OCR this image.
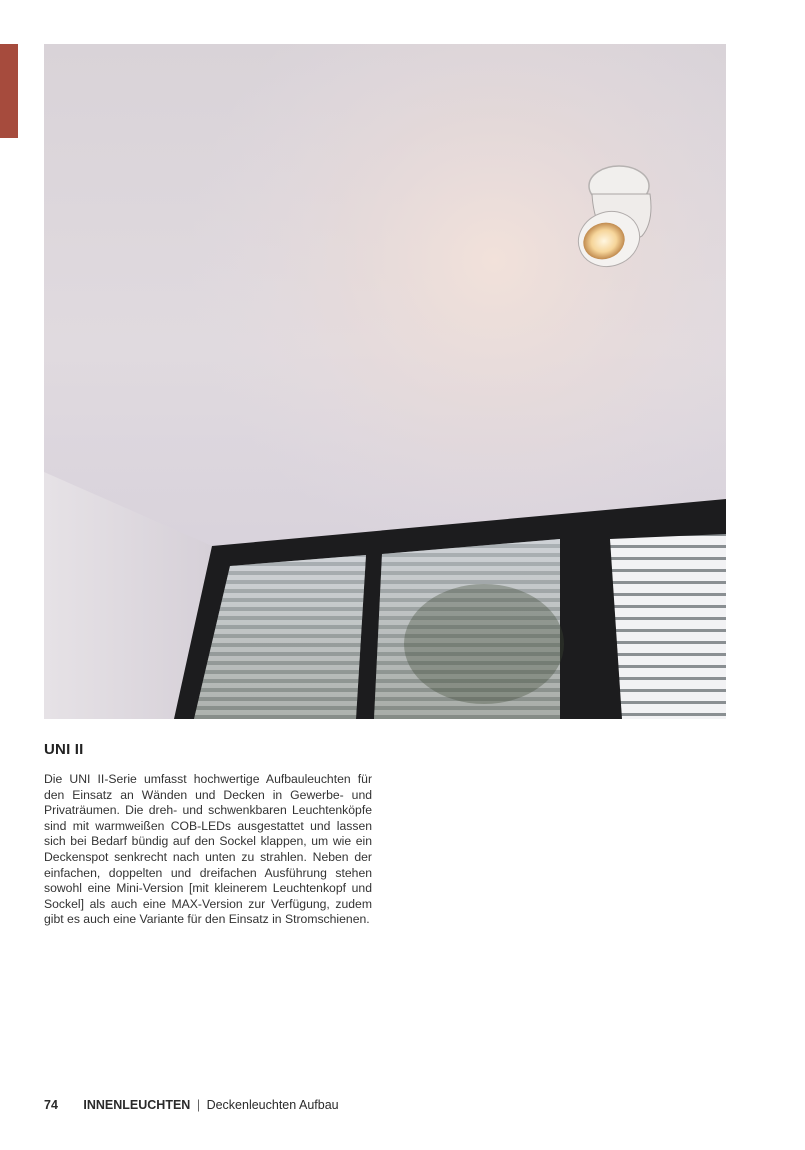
UNI II

Die UNI II-Serie umfasst hochwertige Aufbauleuchten für den Einsatz an Wänden und Decken in Gewerbe- und Privaträumen. Die dreh- und schwenkbaren Leuchtenköpfe sind mit warmweißen COB-LEDs ausgestattet und lassen sich bei Bedarf bündig auf den Sockel klappen, um wie ein Deckenspot senkrecht nach unten zu strahlen. Neben der einfachen, doppelten und dreifachen Ausführung stehen sowohl eine Mini-Version [mit kleinerem Leuchtenkopf und Sockel] als auch eine MAX-Version zur Verfügung, zudem gibt es auch eine Variante für den Einsatz in Stromschienen.

74 INNENLEUCHTEN | Deckenleuchten Aufbau
